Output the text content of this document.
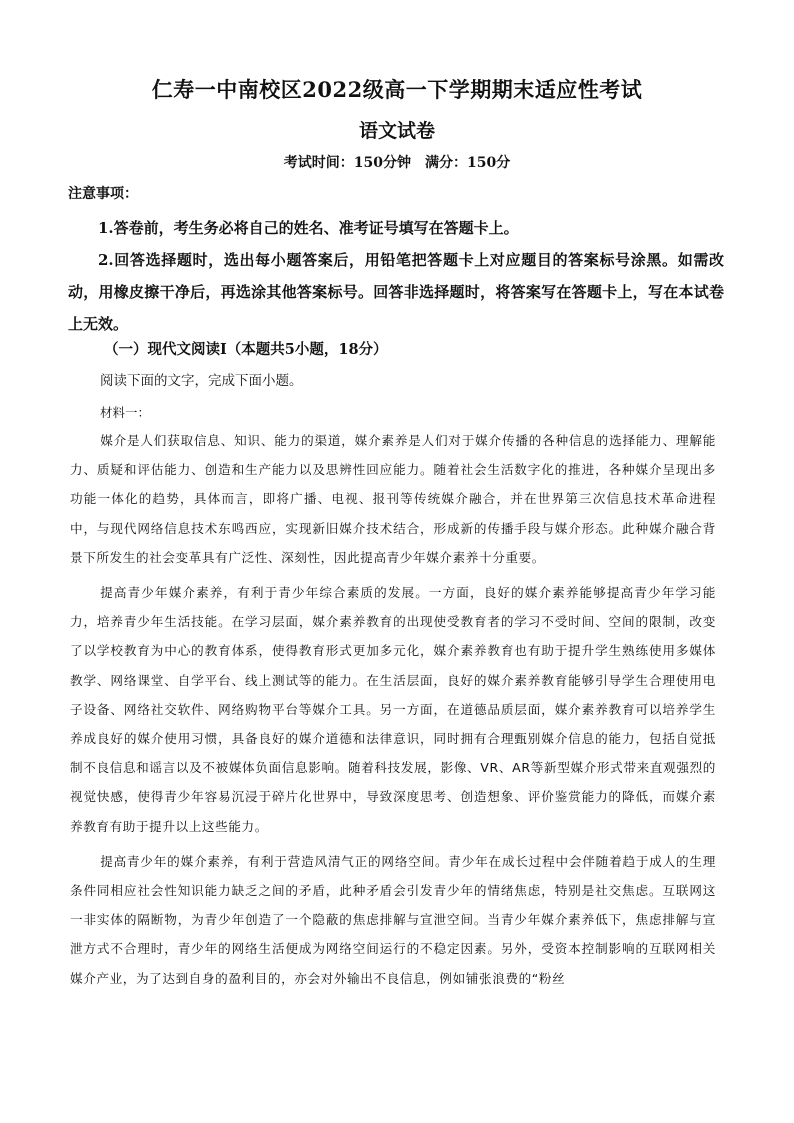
仁寿一中南校区2022级高一下学期期末适应性考试
语文试卷
考试时间：150分钟 满分：150分
注意事项：

1.答卷前，考生务必将自己的姓名、准考证号填写在答题卡上。

2.回答选择题时，选出每小题答案后，用铅笔把答题卡上对应题目的答案标号涂黑。如需改动，用橡皮擦干净后，再选涂其他答案标号。回答非选择题时，将答案写在答题卡上，写在本试卷上无效。

（一）现代文阅读Ⅰ（本题共5小题，18分）
阅读下面的文字，完成下面小题。
材料一：

媒介是人们获取信息、知识、能力的渠道，媒介素养是人们对于媒介传播的各种信息的选择能力、理解能力、质疑和评估能力、创造和生产能力以及思辨性回应能力。随着社会生活数字化的推进，各种媒介呈现出多功能一体化的趋势，具体而言，即将广播、电视、报刊等传统媒介融合，并在世界第三次信息技术革命进程中，与现代网络信息技术东鸣西应，实现新旧媒介技术结合，形成新的传播手段与媒介形态。此种媒介融合背景下所发生的社会变革具有广泛性、深刻性，因此提高青少年媒介素养十分重要。

提高青少年媒介素养，有利于青少年综合素质的发展。一方面，良好的媒介素养能够提高青少年学习能力，培养青少年生活技能。在学习层面，媒介素养教育的出现使受教育者的学习不受时间、空间的限制，改变了以学校教育为中心的教育体系，使得教育形式更加多元化，媒介素养教育也有助于提升学生熟练使用多媒体教学、网络课堂、自学平台、线上测试等的能力。在生活层面，良好的媒介素养教育能够引导学生合理使用电子设备、网络社交软件、网络购物平台等媒介工具。另一方面，在道德品质层面，媒介素养教育可以培养学生养成良好的媒介使用习惯，具备良好的媒介道德和法律意识，同时拥有合理甄别媒介信息的能力，包括自觉抵制不良信息和谣言以及不被媒体负面信息影响。随着科技发展，影像、VR、AR等新型媒介形式带来直观强烈的视觉快感，使得青少年容易沉浸于碎片化世界中，导致深度思考、创造想象、评价鉴赏能力的降低，而媒介素养教育有助于提升以上这些能力。

提高青少年的媒介素养，有利于营造风清气正的网络空间。青少年在成长过程中会伴随着趋于成人的生理条件同相应社会性知识能力缺乏之间的矛盾，此种矛盾会引发青少年的情绪焦虑，特别是社交焦虑。互联网这一非实体的隔断物，为青少年创造了一个隐蔽的焦虑排解与宣泄空间。当青少年媒介素养低下，焦虑排解与宣泄方式不合理时，青少年的网络生活便成为网络空间运行的不稳定因素。另外，受资本控制影响的互联网相关媒介产业，为了达到自身的盈利目的，亦会对外输出不良信息，例如铺张浪费的“粉丝
